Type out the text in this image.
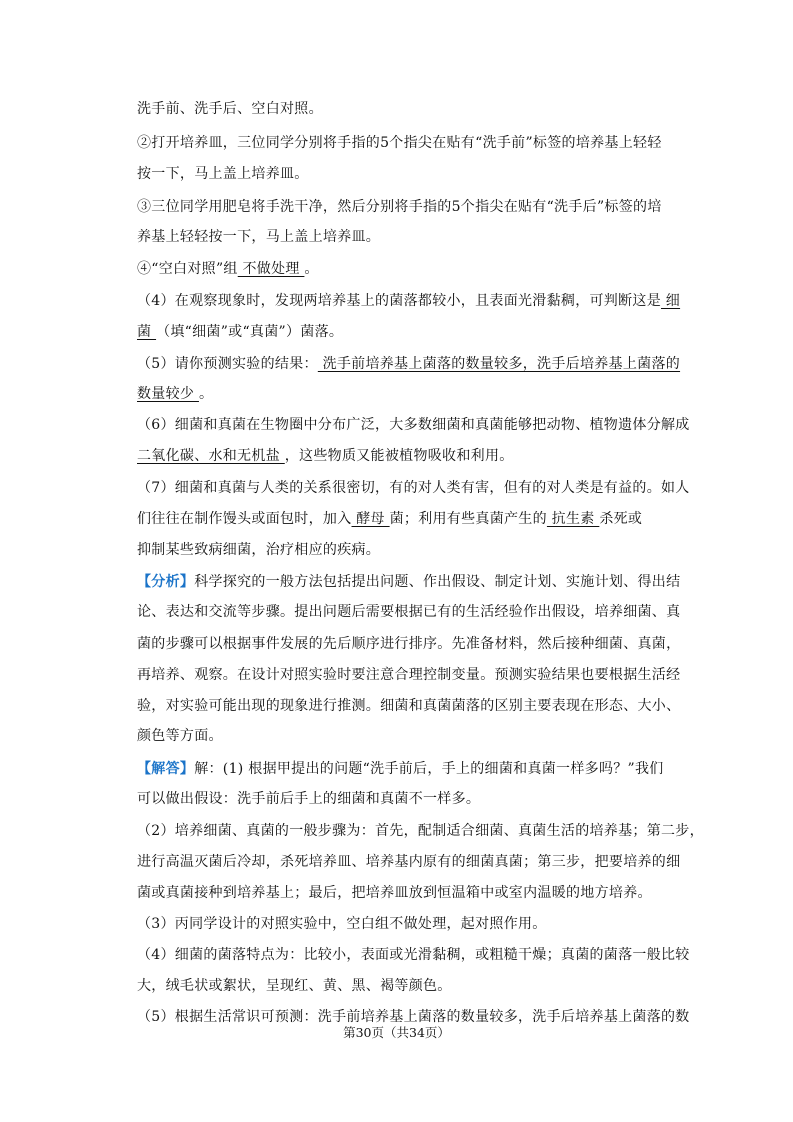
洗手前、洗手后、空白对照。
②打开培养皿，三位同学分别将手指的5个指尖在贴有“洗手前”标签的培养基上轻轻
按一下，马上盖上培养皿。
③三位同学用肥皂将手洗干净，然后分别将手指的5个指尖在贴有“洗手后”标签的培
养基上轻轻按一下，马上盖上培养皿。
④“空白对照”组 不做处理 。
（4）在观察现象时，发现两培养基上的菌落都较小，且表面光滑黏稠，可判断这是 细
菌 （填“细菌”或“真菌”）菌落。
（5）请你预测实验的结果： 洗手前培养基上菌落的数量较多，洗手后培养基上菌落的
数量较少 。
（6）细菌和真菌在生物圈中分布广泛，大多数细菌和真菌能够把动物、植物遗体分解成
二氧化碳、水和无机盐 ，这些物质又能被植物吸收和利用。
（7）细菌和真菌与人类的关系很密切，有的对人类有害，但有的对人类是有益的。如人
们往往在制作馒头或面包时，加入 酵母 菌；利用有些真菌产生的 抗生素 杀死或
抑制某些致病细菌，治疗相应的疾病。
【分析】科学探究的一般方法包括提出问题、作出假设、制定计划、实施计划、得出结
论、表达和交流等步骤。提出问题后需要根据已有的生活经验作出假设，培养细菌、真
菌的步骤可以根据事件发展的先后顺序进行排序。先准备材料，然后接种细菌、真菌，
再培养、观察。在设计对照实验时要注意合理控制变量。预测实验结果也要根据生活经
验，对实验可能出现的现象进行推测。细菌和真菌菌落的区别主要表现在形态、大小、
颜色等方面。
【解答】解：(1) 根据甲提出的问题“洗手前后，手上的细菌和真菌一样多吗？”我们
可以做出假设：洗手前后手上的细菌和真菌不一样多。
（2）培养细菌、真菌的一般步骤为：首先，配制适合细菌、真菌生活的培养基；第二步，
进行高温灭菌后冷却，杀死培养皿、培养基内原有的细菌真菌；第三步，把要培养的细
菌或真菌接种到培养基上；最后，把培养皿放到恒温箱中或室内温暖的地方培养。
（3）丙同学设计的对照实验中，空白组不做处理，起对照作用。
（4）细菌的菌落特点为：比较小，表面或光滑黏稠，或粗糙干燥；真菌的菌落一般比较
大，绒毛状或絮状，呈现红、黄、黑、褐等颜色。
（5）根据生活常识可预测：洗手前培养基上菌落的数量较多，洗手后培养基上菌落的数
第30页（共34页）
